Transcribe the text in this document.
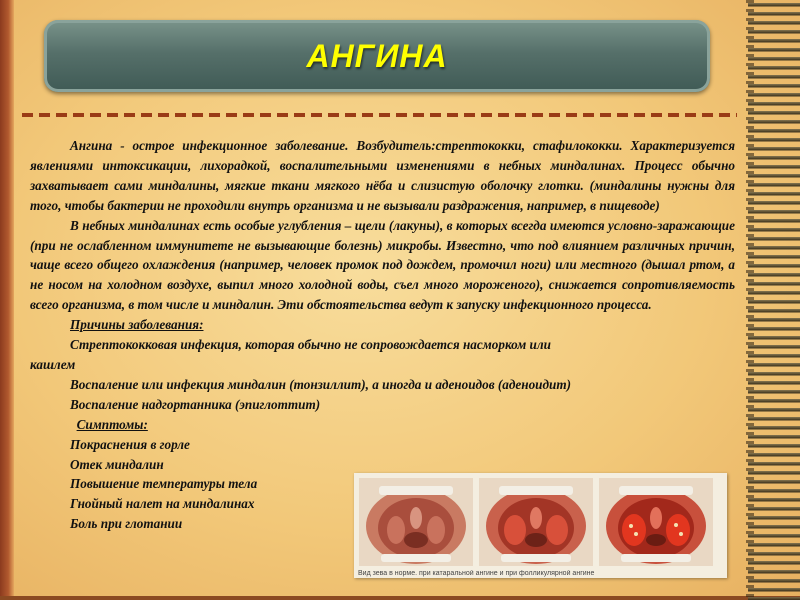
АНГИНА

Ангина - острое инфекционное заболевание. Возбудитель:стрептококки, стафилококки. Характеризуется явлениями интоксикации, лихорадкой, воспалительными изменениями в небных миндалинах. Процесс обычно захватывает сами миндалины, мягкие ткани мягкого нёба и слизистую оболочку глотки. (миндалины нужны для того, чтобы бактерии не проходили внутрь организма и не вызывали раздражения, например, в пищеводе)

В небных миндалинах есть особые углубления – щели (лакуны), в которых всегда имеются условно-заражающие (при не ослабленном иммунитете не вызывающие болезнь) микробы. Известно, что под влиянием различных причин, чаще всего общего охлаждения (например, человек промок под дождем, промочил ноги) или местного (дышал ртом, а не носом на холодном воздухе, выпил много холодной воды, съел много мороженого), снижается сопротивляемость всего организма, в том числе и миндалин. Эти обстоятельства ведут к запуску инфекционного процесса.

Причины заболевания:
Стрептококковая инфекция, которая обычно не сопровождается насморком или
кашлем
Воспаление или инфекция миндалин (тонзиллит), а иногда и аденоидов (аденоидит)
Воспаление надгортанника (эпиглоттит)
Симптомы:
Покраснения в горле
Отек миндалин
Повышение температуры тела
Гнойный налет на миндалинах
Боль при глотании
Вид зева в норме. при катаральной ангине и при фолликулярной ангине
